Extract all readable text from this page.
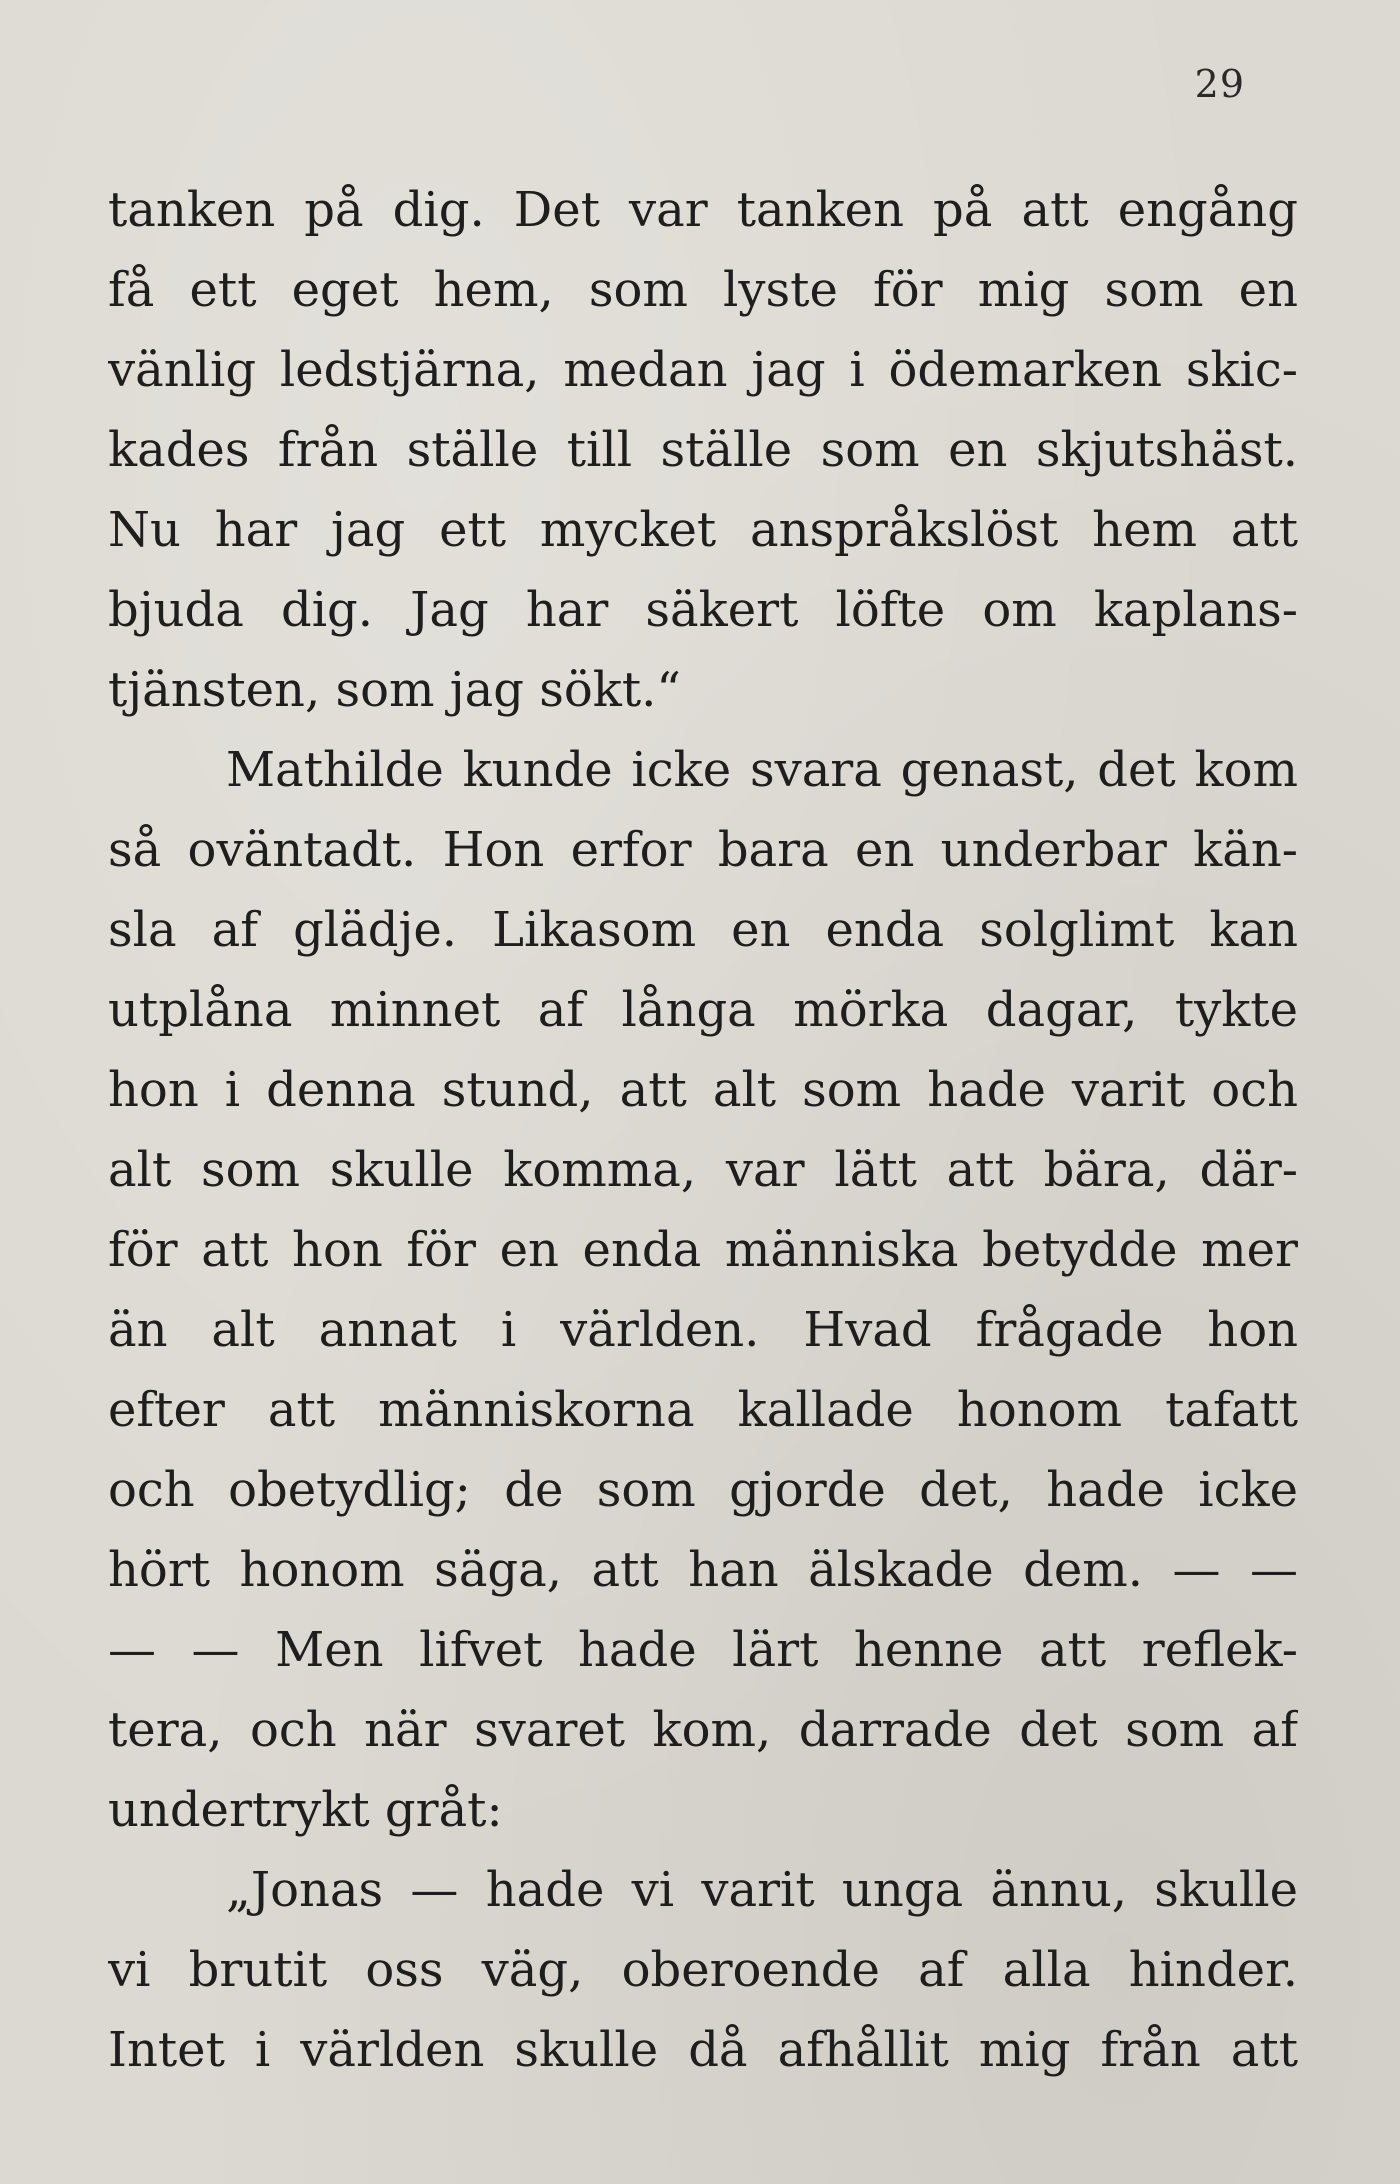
29
tanken på dig. Det var tanken på att engång
få ett eget hem, som lyste för mig som en
vänlig ledstjärna, medan jag i ödemarken skic-
kades från ställe till ställe som en skjutshäst.
Nu har jag ett mycket anspråkslöst hem att
bjuda dig. Jag har säkert löfte om kaplans-
tjänsten, som jag sökt.“
Mathilde kunde icke svara genast, det kom
så oväntadt. Hon erfor bara en underbar kän-
sla af glädje. Likasom en enda solglimt kan
utplåna minnet af långa mörka dagar, tykte
hon i denna stund, att alt som hade varit och
alt som skulle komma, var lätt att bära, där-
för att hon för en enda människa betydde mer
än alt annat i världen. Hvad frågade hon
efter att människorna kallade honom tafatt
och obetydlig; de som gjorde det, hade icke
hört honom säga, att han älskade dem. — —
— — Men lifvet hade lärt henne att reflek-
tera, och när svaret kom, darrade det som af
undertrykt gråt:
„Jonas — hade vi varit unga ännu, skulle
vi brutit oss väg, oberoende af alla hinder.
Intet i världen skulle då afhållit mig från att
